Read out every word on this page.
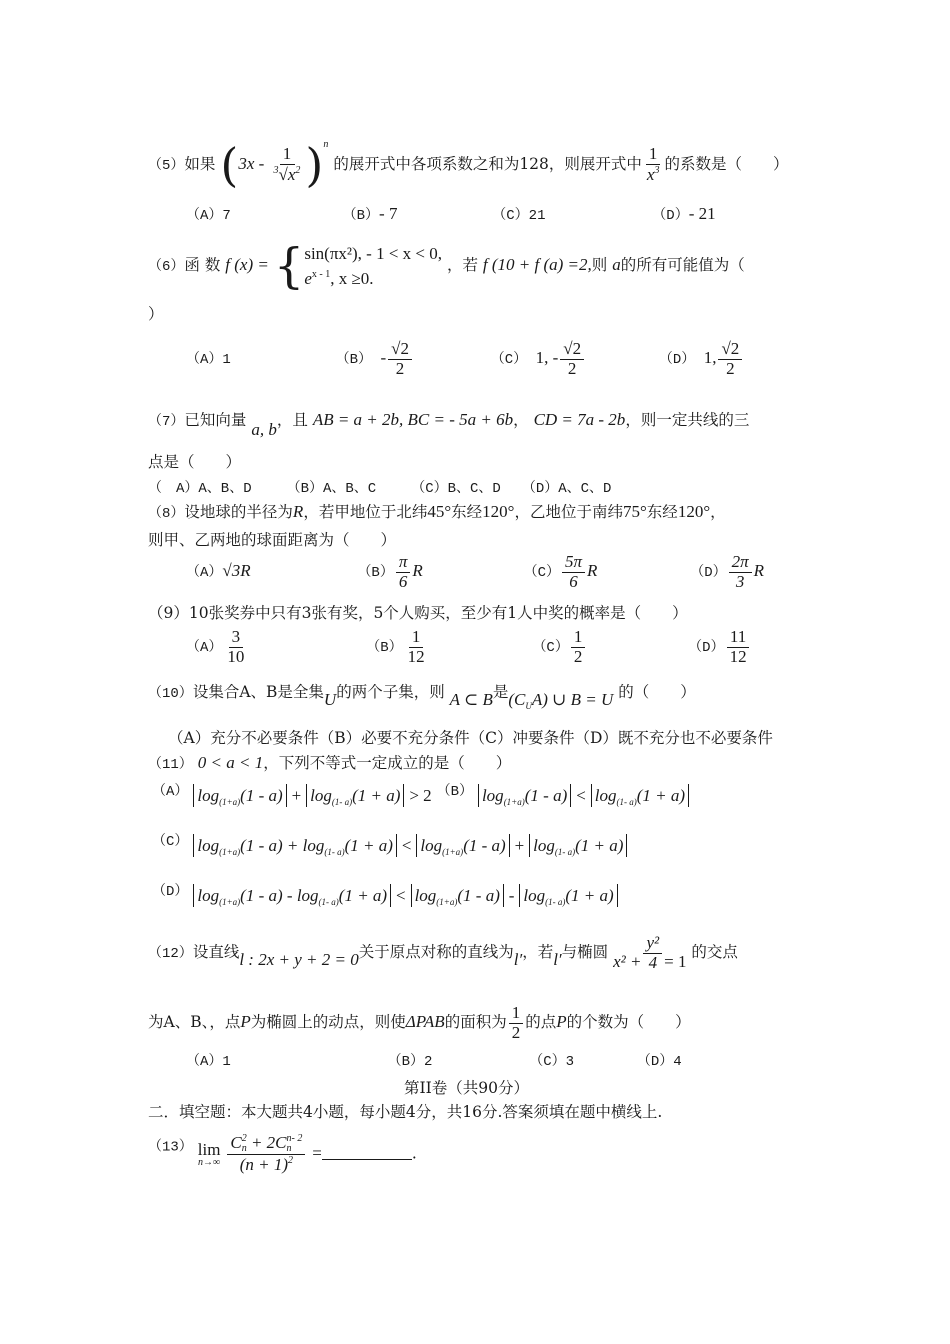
（5）如果 $(3x - \frac{1}{^3√x^2} )^n$ 的展开式中各项系数之和为128，则展开式中 $\frac{1}{x^3}$ 的系数是（　　）
（A）7	（B）- 7	（C）21	（D）- 21
（6）函 数 f (x) = { sin(πx²), - 1 < x < 0,
$e^{x - 1}$, x ≥0.
，若 f (10 + f (a) =2,则 a的所有可能值为（
）
（A）1	$(B) - \frac{√2}{2}$	（C） 1, - $\frac{√2}{2}$	（D） 1, $\frac{√2}{2}$
（7）已知向量 a, b，且 AB = a + 2b, BC = - 5a + 6b， CD = 7a - 2b，则一定共线的三
点是（　　）
（　A）A、B、D　　　（B）A、B、C　　　（C）B、C、D　　（D）A、C、D
（8）设地球的半径为R，若甲地位于北纬45°东经120°，乙地位于南纬75°东经120°，
则甲、乙两地的球面距离为（　　）
（A）√3R	$(B) \frac{\pi}{6}$ R	$(C) \frac{5\pi}{6}$ R	$(D) \frac{2\pi}{3}$ R
（9）10张奖券中只有3张有奖，5个人购买，至少有1人中奖的概率是（　　）
$(A) \frac{3}{10}$	$(B) \frac{1}{12}$	$(C) \frac{1}{2}$	$(D) \frac{11}{12}$
（10）设集合A、B是全集U的两个子集，则 A ⊂ B是$(C_UA)$ ∪ B = U 的（　　）
（A）充分不必要条件（B）必要不充分条件（C）冲要条件（D）既不充分也不必要条件
（11） 0 < a < 1，下列不等式一定成立的是（　　）
（A） $\log_{(1+a)}(1 - a) + \log_{(1- a)}(1 + a) > 2$ （B） $\log_{(1+a)}(1 - a) < \log_{(1- a)}(1 + a)$
（C） $\log_{(1+a)}(1 - a) + \log_{(1- a)}(1 + a) < \log_{(1+a)}(1 - a) + \log_{(1- a)}(1 + a)$
（D） $\log_{(1+a)}(1 - a) - \log_{(1- a)}(1 + a) < \log_{(1+a)}(1 - a) - \log_{(1- a)}(1 + a)$
（12）设直线l : 2x + y + 2 = 0关于原点对称的直线为l′，若l′与椭圆 $x^2 + \frac{\text{y²}}{4} = 1$ 的交点
为A、B、，点P为椭圆上的动点，则使ΔPAB的面积为 $\frac{1}{2}$ 的点P的个数为（　　）
（A）1	（B）2	（C）3	（D）4
第II卷（共90分）
二．填空题：本大题共4小题，每小题4分，共16分.答案须填在题中横线上.
（13） lim
n→∞
C 2
n + 2C n- 2
n
$(n + 1)^2$ =	.
